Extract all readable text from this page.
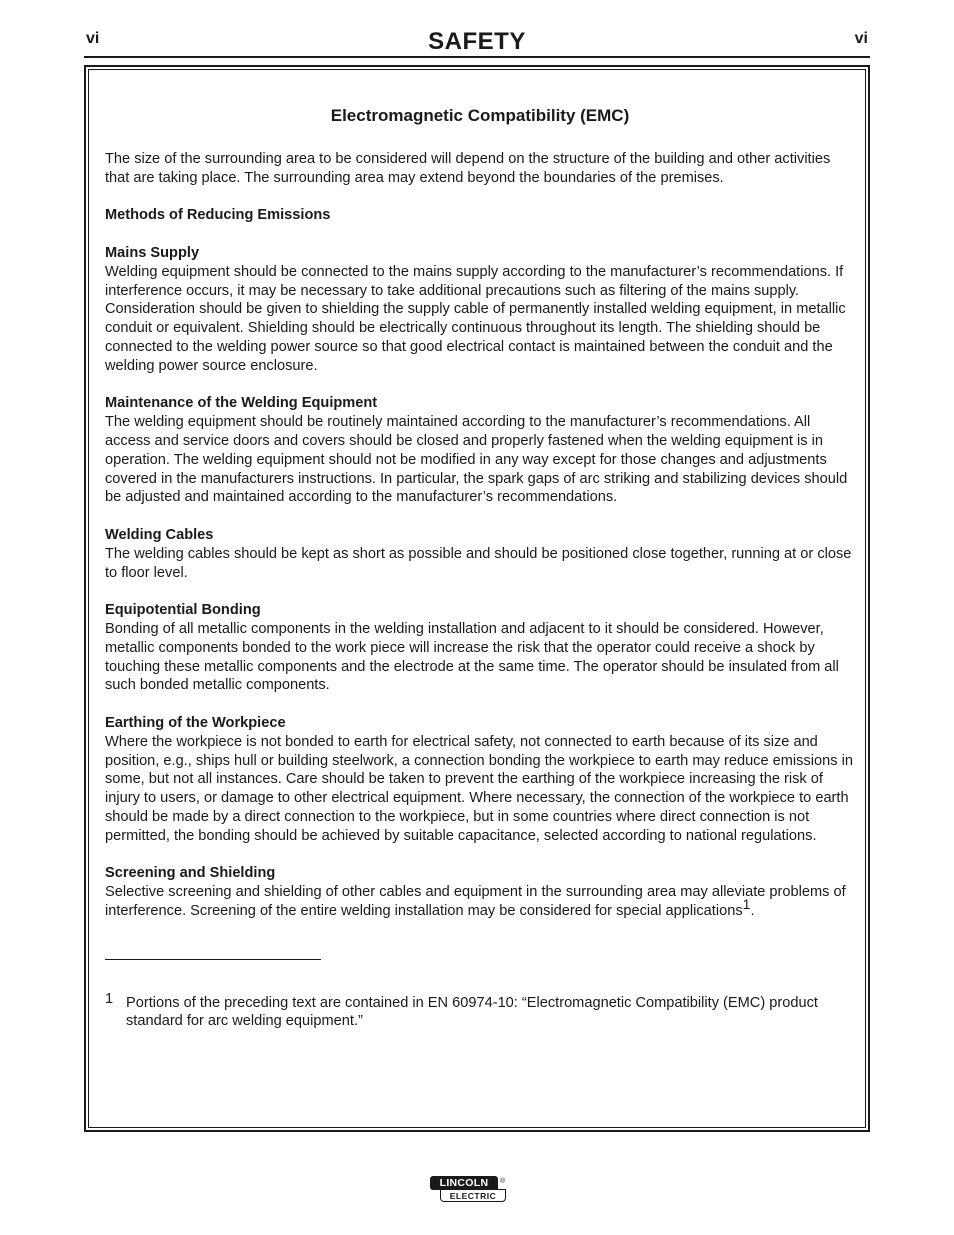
vi	SAFETY	vi
Electromagnetic Compatibility (EMC)

The size of the surrounding area to be considered will depend on the structure of the building and other activities that are taking place. The surrounding area may extend beyond the boundaries of the premises.

Methods of Reducing Emissions

Mains Supply
Welding equipment should be connected to the mains supply according to the manufacturer’s recommendations. If interference occurs, it may be necessary to take additional precautions such as filtering of the mains supply. Consideration should be given to shielding the supply cable of permanently installed welding equipment, in metallic conduit or equivalent. Shielding should be electrically continuous throughout its length. The shielding should be connected to the welding power source so that good electrical contact is maintained between the conduit and the welding power source enclosure.

Maintenance of the Welding Equipment
The welding equipment should be routinely maintained according to the manufacturer’s recommendations. All access and service doors and covers should be closed and properly fastened when the welding equipment is in operation. The welding equipment should not be modified in any way except for those changes and adjustments covered in the manufacturers instructions. In particular, the spark gaps of arc striking and stabilizing devices should be adjusted and maintained according to the manufacturer’s recommendations.

Welding Cables
The welding cables should be kept as short as possible and should be positioned close together, running at or close to floor level.

Equipotential Bonding
Bonding of all metallic components in the welding installation and adjacent to it should be considered. However, metallic components bonded to the work piece will increase the risk that the operator could receive a shock by touching these metallic components and the electrode at the same time. The operator should be insulated from all such bonded metallic components.

Earthing of the Workpiece
Where the workpiece is not bonded to earth for electrical safety, not connected to earth because of its size and position, e.g., ships hull or building steelwork, a connection bonding the workpiece to earth may reduce emissions in some, but not all instances. Care should be taken to prevent the earthing of the workpiece increasing the risk of injury to users, or damage to other electrical equipment. Where necessary, the connection of the workpiece to earth should be made by a direct connection to the workpiece, but in some countries where direct connection is not permitted, the bonding should be achieved by suitable capacitance, selected according to national regulations.

Screening and Shielding
Selective screening and shielding of other cables and equipment in the surrounding area may alleviate problems of interference. Screening of the entire welding installation may be considered for special applications$^1$.

1 Portions of the preceding text are contained in EN 60974-10: “Electromagnetic Compatibility (EMC) product standard for arc welding equipment.”
LINCOLN	®
ELECTRIC
